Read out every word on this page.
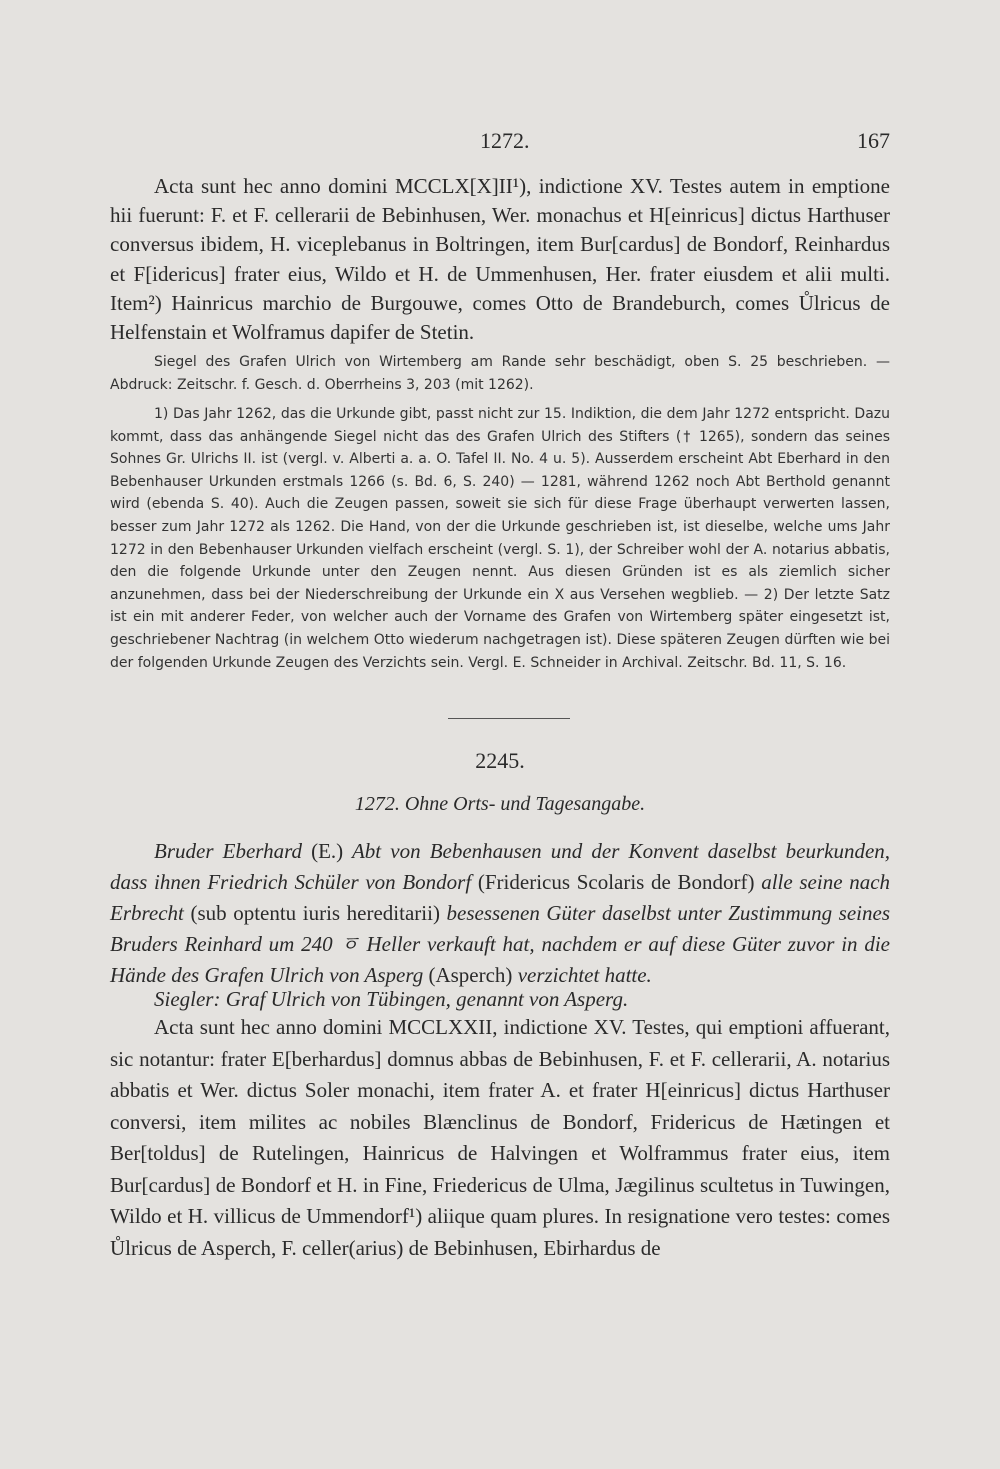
1272.	167

Acta sunt hec anno domini MCCLX[X]II¹), indictione XV. Testes autem in emptione hii fuerunt: F. et F. cellerarii de Bebinhusen, Wer. monachus et H[einricus] dictus Harthuser conversus ibidem, H. viceplebanus in Boltringen, item Bur[cardus] de Bondorf, Reinhardus et F[idericus] frater eius, Wildo et H. de Ummenhusen, Her. frater eiusdem et alii multi. Item²) Hainricus marchio de Burgouwe, comes Otto de Brandeburch, comes Ůlricus de Helfenstain et Wolframus dapifer de Stetin.

Siegel des Grafen Ulrich von Wirtemberg am Rande sehr beschädigt, oben S. 25 beschrieben. — Abdruck: Zeitschr. f. Gesch. d. Oberrheins 3, 203 (mit 1262).

1) Das Jahr 1262, das die Urkunde gibt, passt nicht zur 15. Indiktion, die dem Jahr 1272 entspricht. Dazu kommt, dass das anhängende Siegel nicht das des Grafen Ulrich des Stifters († 1265), sondern das seines Sohnes Gr. Ulrichs II. ist (vergl. v. Alberti a. a. O. Tafel II. No. 4 u. 5). Ausserdem erscheint Abt Eberhard in den Bebenhauser Urkunden erstmals 1266 (s. Bd. 6, S. 240) — 1281, während 1262 noch Abt Berthold genannt wird (ebenda S. 40). Auch die Zeugen passen, soweit sie sich für diese Frage überhaupt verwerten lassen, besser zum Jahr 1272 als 1262. Die Hand, von der die Urkunde geschrieben ist, ist dieselbe, welche ums Jahr 1272 in den Bebenhauser Urkunden vielfach erscheint (vergl. S. 1), der Schreiber wohl der A. notarius abbatis, den die folgende Urkunde unter den Zeugen nennt. Aus diesen Gründen ist es als ziemlich sicher anzunehmen, dass bei der Niederschreibung der Urkunde ein X aus Versehen wegblieb. — 2) Der letzte Satz ist ein mit anderer Feder, von welcher auch der Vorname des Grafen von Wirtemberg später eingesetzt ist, geschriebener Nachtrag (in welchem Otto wiederum nachgetragen ist). Diese späteren Zeugen dürften wie bei der folgenden Urkunde Zeugen des Verzichts sein. Vergl. E. Schneider in Archival. Zeitschr. Bd. 11, S. 16.

2245.
1272. Ohne Orts- und Tagesangabe.

Bruder Eberhard (E.) Abt von Bebenhausen und der Konvent daselbst beurkunden, dass ihnen Friedrich Schüler von Bondorf (Fridericus Scolaris de Bondorf) alle seine nach Erbrecht (sub optentu iuris hereditarii) besessenen Güter daselbst unter Zustimmung seines Bruders Reinhard um 240 ㆆ Heller verkauft hat, nachdem er auf diese Güter zuvor in die Hände des Grafen Ulrich von Asperg (Asperch) verzichtet hatte.

Siegler: Graf Ulrich von Tübingen, genannt von Asperg.

Acta sunt hec anno domini MCCLXXII, indictione XV. Testes, qui emptioni affuerant, sic notantur: frater E[berhardus] domnus abbas de Bebinhusen, F. et F. cellerarii, A. notarius abbatis et Wer. dictus Soler monachi, item frater A. et frater H[einricus] dictus Harthuser conversi, item milites ac nobiles Blænclinus de Bondorf, Fridericus de Hætingen et Ber[toldus] de Rutelingen, Hainricus de Halvingen et Wolframmus frater eius, item Bur[cardus] de Bondorf et H. in Fine, Friedericus de Ulma, Jægilinus scultetus in Tuwingen, Wildo et H. villicus de Ummendorf¹) aliique quam plures. In resignatione vero testes: comes Ůlricus de Asperch, F. celler(arius) de Bebinhusen, Ebirhardus de
